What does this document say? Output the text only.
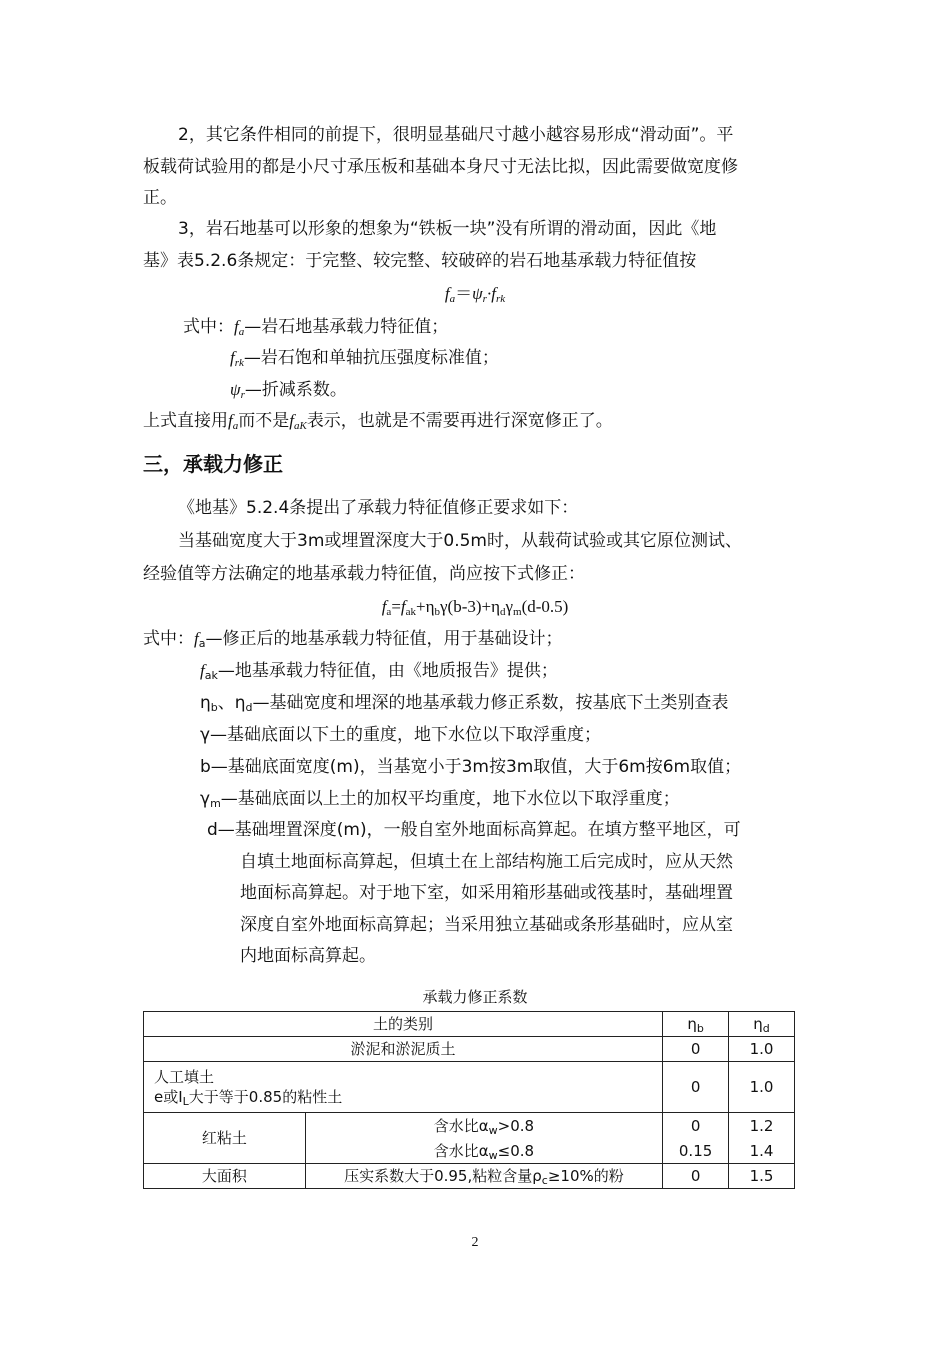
2，其它条件相同的前提下，很明显基础尺寸越小越容易形成“滑动面”。平
板载荷试验用的都是小尺寸承压板和基础本身尺寸无法比拟，因此需要做宽度修
正。
3，岩石地基可以形象的想象为“铁板一块”没有所谓的滑动面，因此《地
基》表5.2.6条规定：于完整、较完整、较破碎的岩石地基承载力特征值按
$f_a=\psi_r\cdot f_{rk}$
式中：$f_a—$岩石地基承载力特征值；
$f_{rk}—$岩石饱和单轴抗压强度标准值；
$\psi_r—$折减系数。
上式直接用$f_a$而不是$f_{aK}$表示，也就是不需要再进行深宽修正了。
三，承载力修正
《地基》5.2.4条提出了承载力特征值修正要求如下：
当基础宽度大于3m或埋置深度大于0.5m时，从载荷试验或其它原位测试、
经验值等方法确定的地基承载力特征值，尚应按下式修正：
$f_a=f_{ak}+\eta_b\gamma(b-3)+\eta_d\gamma_m(d-0.5)$
式中：$f_a—$修正后的地基承载力特征值，用于基础设计；
$f_{ak}—$地基承载力特征值，由《地质报告》提供；
$\eta_b$、$\eta_d—$基础宽度和埋深的地基承载力修正系数，按基底下土类别查表
γ—基础底面以下土的重度，地下水位以下取浮重度；
b—基础底面宽度(m)，当基宽小于3m按3m取值，大于6m按6m取值；
$\gamma_m—$基础底面以上土的加权平均重度，地下水位以下取浮重度；
d—基础埋置深度(m)，一般自室外地面标高算起。在填方整平地区，可
自填土地面标高算起，但填土在上部结构施工后完成时，应从天然
地面标高算起。对于地下室，如采用箱形基础或筏基时，基础埋置
深度自室外地面标高算起；当采用独立基础或条形基础时，应从室
内地面标高算起。
承载力修正系数
土的类别		$\eta_b$	$\eta_d$
淤泥和淤泥质土		0	1.0

人工填土
e或$I_L$大于等于0.85的粘性土		0	1.0
红粘土	含水比$\alpha_w>0.8$	0	1.2
	含水比$\alpha_w\le 0.8$	0.15	1.4
大面积	压实系数大于0.95,粘粒含量$\rho_c\ge 10\%$的粉	0	1.5
2
